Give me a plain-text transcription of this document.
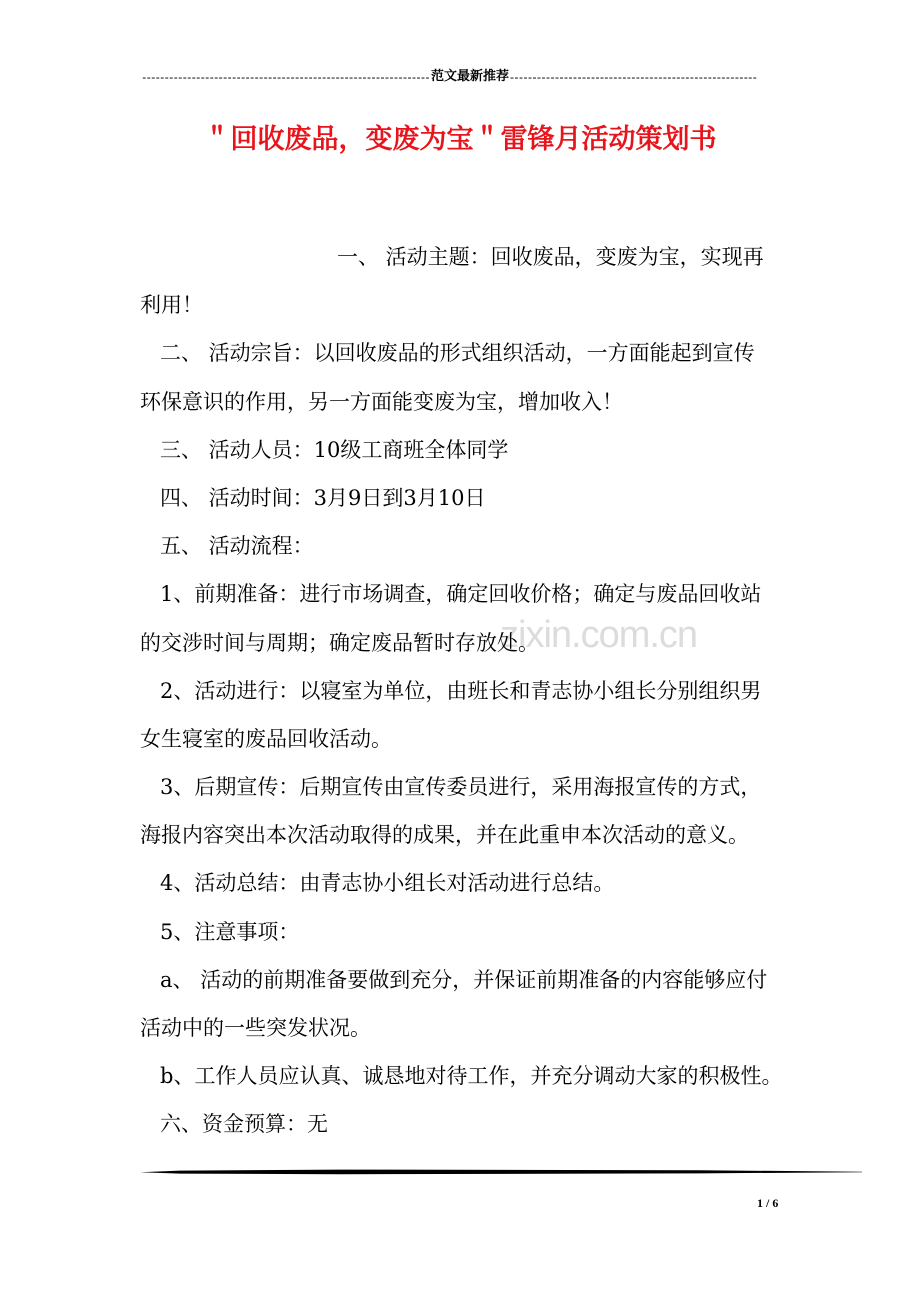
---------------------------------------------------------------- 范文最新推荐 -------------------------------------------------------
＂回收废品，变废为宝＂雷锋月活动策划书
zixin.com.cn
一、 活动主题：回收废品，变废为宝，实现再
利用！
二、 活动宗旨：以回收废品的形式组织活动，一方面能起到宣传
环保意识的作用，另一方面能变废为宝，增加收入！
三、 活动人员：10级工商班全体同学
四、 活动时间：3月9日到3月10日
五、 活动流程：
1、前期准备：进行市场调查，确定回收价格；确定与废品回收站
的交涉时间与周期；确定废品暂时存放处。
2、活动进行：以寝室为单位，由班长和青志协小组长分别组织男
女生寝室的废品回收活动。
3、后期宣传：后期宣传由宣传委员进行，采用海报宣传的方式，
海报内容突出本次活动取得的成果，并在此重申本次活动的意义。
4、活动总结：由青志协小组长对活动进行总结。
5、注意事项：
a、 活动的前期准备要做到充分，并保证前期准备的内容能够应付
活动中的一些突发状况。
b、工作人员应认真、诚恳地对待工作，并充分调动大家的积极性。
六、资金预算：无
1 / 6
